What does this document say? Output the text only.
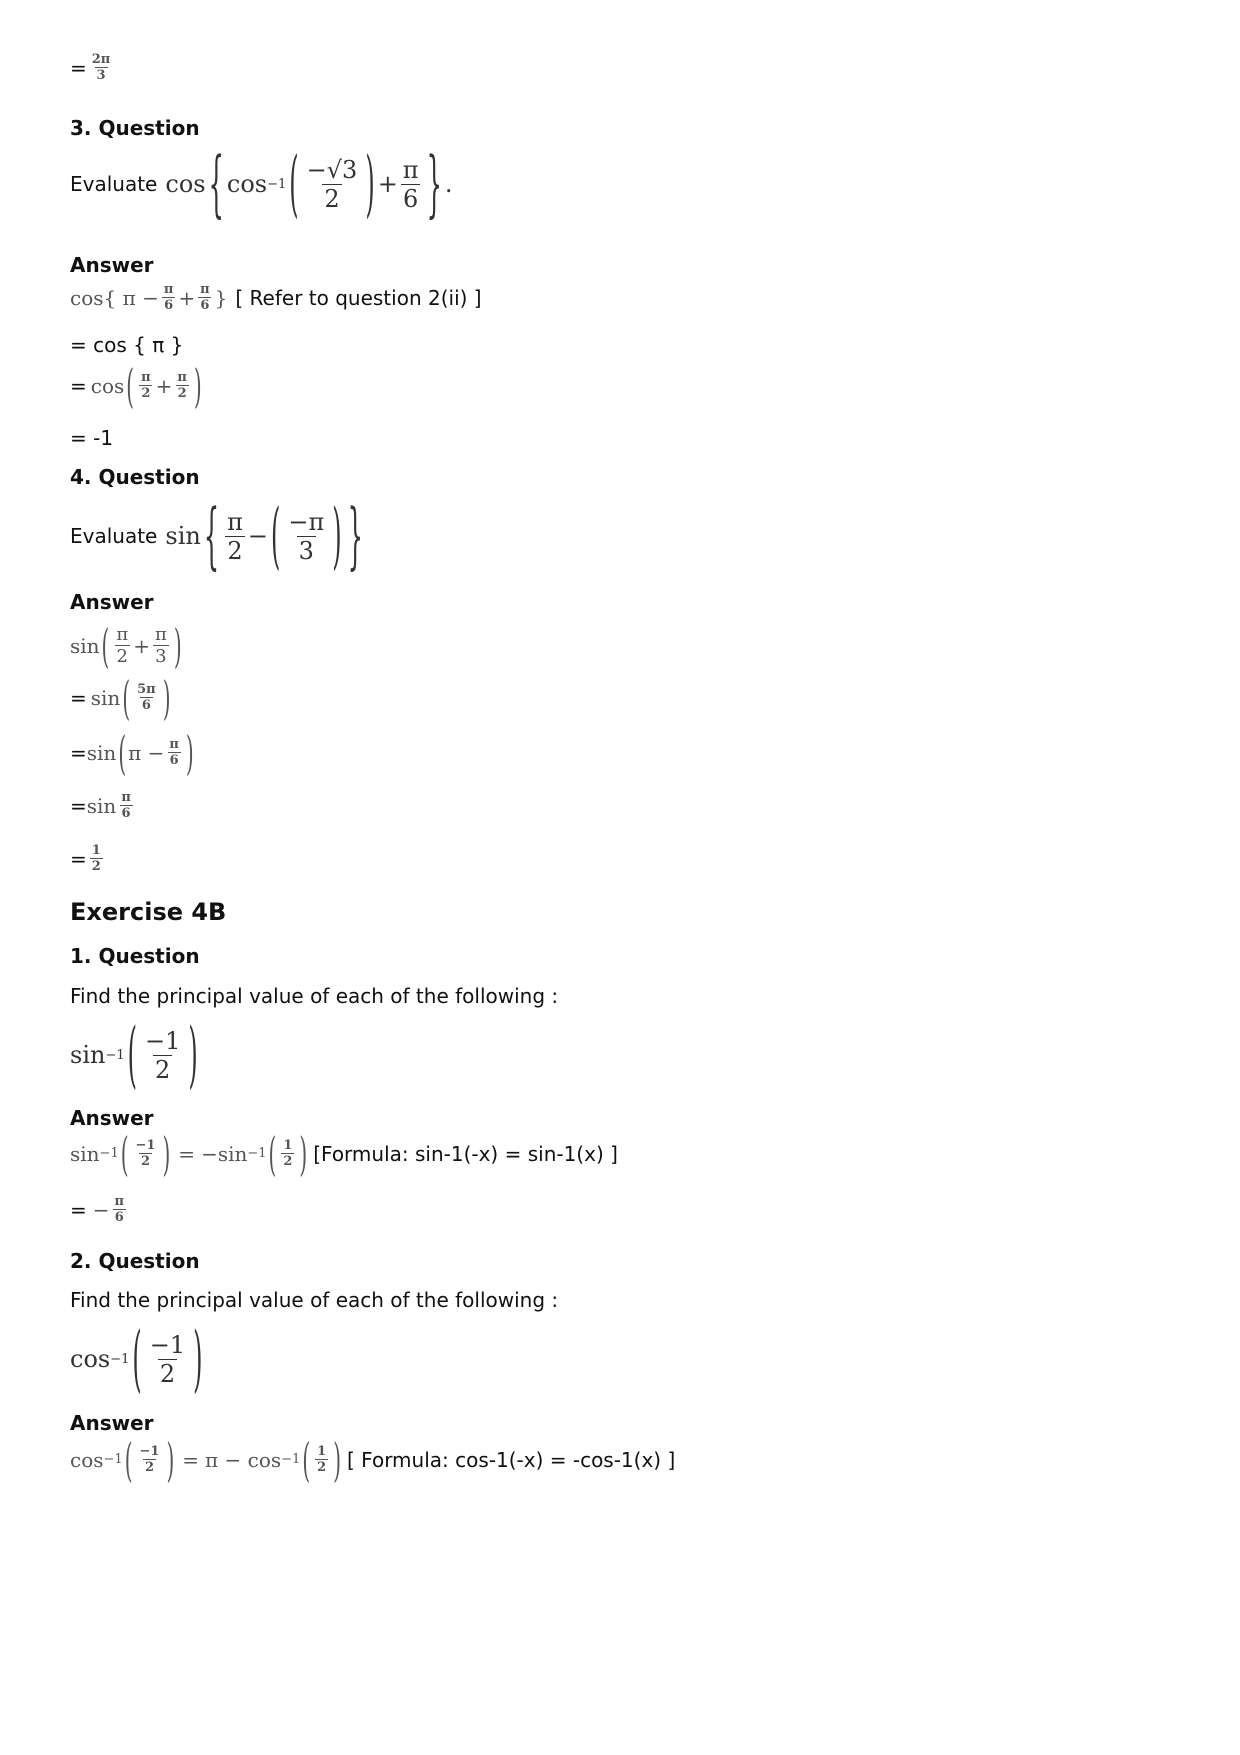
= $\frac{2\pi}{3}$
3. Question
Evaluate cos { cos −1 ( $\frac{-√3}{2}$ ) + $\frac{\pi}{6}$ } .
Answer
cos{ $\pi - \frac{\pi}{6} + \frac{\pi}{6}$ } [ Refer to question 2(ii) ]
= cos { π }
= cos ( $\frac{\pi}{2} + \frac{\pi}{2}$ )
= -1
4. Question
Evaluate sin { $\frac{\pi}{2}$ − ( $\frac{-\pi}{3}$ ) }
Answer
sin ( $\frac{\pi}{2} + \frac{\pi}{3}$ )
= sin ( $\frac{5\pi}{6}$ )
= sin ( $\pi - \frac{\pi}{6}$ )
= $\sin \frac{\pi}{6}$
= $\frac{1}{2}$
Exercise 4B
1. Question
Find the principal value of each of the following :
sin −1 ( $\frac{-1}{2}$ )
Answer
sin −1 ( $\frac{-1}{2}$ ) = −sin −1 ( $\frac{1}{2}$ ) [Formula: sin-1(-x) = sin-1(x) ]
= − $\frac{\pi}{6}$
2. Question
Find the principal value of each of the following :
cos −1 ( $\frac{-1}{2}$ )
Answer
cos −1 ( $\frac{-1}{2}$ ) = π − cos −1 ( $\frac{1}{2}$ ) [ Formula: cos-1(-x) = -cos-1(x) ]
